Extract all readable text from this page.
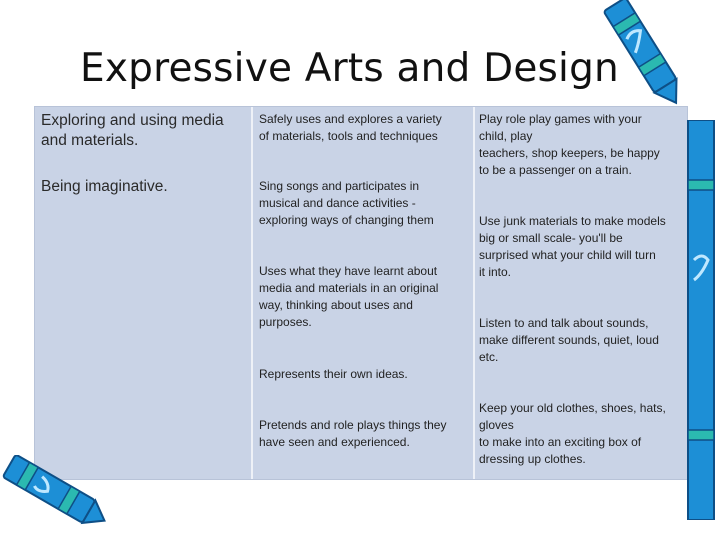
Expressive Arts and Design
Exploring and using media
and materials.
Being imaginative.
Safely uses and explores a variety
of materials, tools and techniques
Sing songs and participates in
musical and dance activities -
exploring ways of changing them
Uses what they have learnt about
media and materials in an original
way, thinking about uses and
purposes.
Represents their own ideas.
Pretends and role plays things they
have seen and experienced.
Play role play games with your
child, play
teachers, shop keepers, be happy
to be a passenger on a train.
Use junk materials to make models
big or small scale- you'll be
surprised what your child will turn
it into.
Listen to and talk about sounds,
make different sounds, quiet, loud
etc.
Keep your old clothes, shoes, hats,
gloves
to make into an exciting box of
dressing up clothes.
